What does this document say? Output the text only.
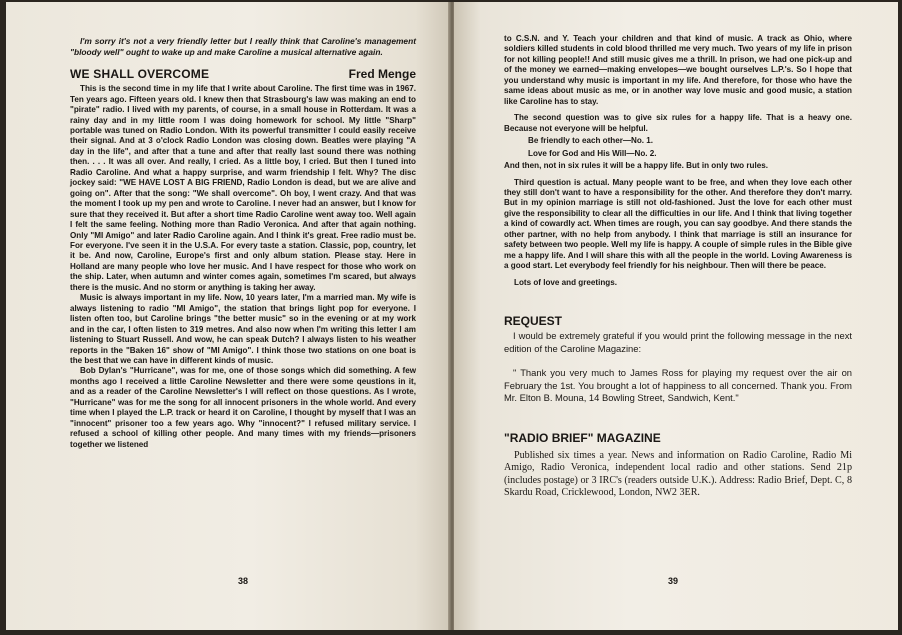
I'm sorry it's not a very friendly letter but I really think that Caroline's management "bloody well" ought to wake up and make Caroline a musical alternative again.

WE SHALL OVERCOME	Fred Menge

This is the second time in my life that I write about Caroline. The first time was in 1967. Ten years ago. Fifteen years old. I knew then that Strasbourg's law was making an end to "pirate" radio. I lived with my parents, of course, in a small house in Rotterdam. It was a rainy day and in my little room I was doing homework for school. My little "Sharp" portable was tuned on Radio London. With its powerful transmitter I could easily receive their signal. And at 3 o'clock Radio London was closing down. Beatles were playing "A day in the life", and after that a tune and after that really last sound there was nothing then. . . . It was all over. And really, I cried. As a little boy, I cried. But then I tuned into Radio Caroline. And what a happy surprise, and warm friendship I felt. Why? The disc jockey said: "WE HAVE LOST A BIG FRIEND, Radio London is dead, but we are alive and going on". After that the song: "We shall overcome". Oh boy, I went crazy. And that was the moment I took up my pen and wrote to Caroline. I never had an answer, but I know for sure that they received it. But after a short time Radio Caroline went away too. Well again I felt the same feeling. Nothing more than Radio Veronica. And after that again nothing. Only "MI Amigo" and later Radio Caroline again. And I think it's great. Free radio must be. For everyone. I've seen it in the U.S.A. For every taste a station. Classic, pop, country, let it be. And now, Caroline, Europe's first and only album station. Please stay. Here in Holland are many people who love her music. And I have respect for those who work on the ship. Later, when autumn and winter comes again, sometimes I'm scared, but always there is the music. And no storm or anything is taking her away.

Music is always important in my life. Now, 10 years later, I'm a married man. My wife is always listening to radio "MI Amigo", the station that brings light pop for everyone. I listen often too, but Caroline brings "the better music" so in the evening or at my work and in the car, I often listen to 319 metres. And also now when I'm writing this letter I am listening to Stuart Russell. And wow, he can speak Dutch? I always listen to his weather reports in the "Baken 16" show of "MI Amigo". I think those two stations on one boat is the best that we can have in different kinds of music.

Bob Dylan's "Hurricane", was for me, one of those songs which did something. A few months ago I received a little Caroline Newsletter and there were some qeustions in it, and as a reader of the Caroline Newsletter's I will reflect on those questions. As I wrote, "Hurricane" was for me the song for all innocent prisoners in the whole world. And every time when I played the L.P. track or heard it on Caroline, I thought by myself that I was an "innocent" prisoner too a few years ago. Why "innocent?" I refused military service. I refused a school of killing other people. And many times with my friends—prisoners together we listened

38

to C.S.N. and Y. Teach your children and that kind of music. A track as Ohio, where soldiers killed students in cold blood thrilled me very much. Two years of my life in prison for not killing people!! And still music gives me a thrill. In prison, we had one pick-up and of the money we earned—making envelopes—we bought ourselves L.P.'s. So I hope that you understand why music is important in my life. And therefore, for those who have the same ideas about music as me, or in another way love music and good music, a station like Caroline has to stay.

The second question was to give six rules for a happy life. That is a heavy one. Because not everyone will be helpful.

Be friendly to each other—No. 1.

Love for God and His Will—No. 2.

And then, not in six rules it will be a happy life. But in only two rules.

Third question is actual. Many people want to be free, and when they love each other they still don't want to have a responsibility for the other. And therefore they don't marry. But in my opinion marriage is still not old-fashioned. Just the love for each other must give the responsibility to clear all the difficulties in our life. And I think that living together a kind of cowardly act. When times are rough, you can say goodbye. And there stands the other partner, with no help from anybody. I think that marriage is still an insurance for safety between two people. Well my life is happy. A couple of simple rules in the Bible give me a happy life. And I will share this with all the people in the world. Loving Awareness is a good start. Let everybody feel friendly for his neighbour. Then will there be peace.

Lots of love and greetings.

REQUEST

I would be extremely grateful if you would print the following message in the next edition of the Caroline Magazine:

" Thank you very much to James Ross for playing my request over the air on February the 1st. You brought a lot of happiness to all concerned. Thank you. From Mr. Elton B. Mouna, 14 Bowling Street, Sandwich, Kent."

"RADIO BRIEF" MAGAZINE

Published six times a year. News and information on Radio Caroline, Radio Mi Amigo, Radio Veronica, independent local radio and other stations. Send 21p (includes postage) or 3 IRC's (readers outside U.K.). Address: Radio Brief, Dept. C, 8 Skardu Road, Cricklewood, London, NW2 3ER.

39
